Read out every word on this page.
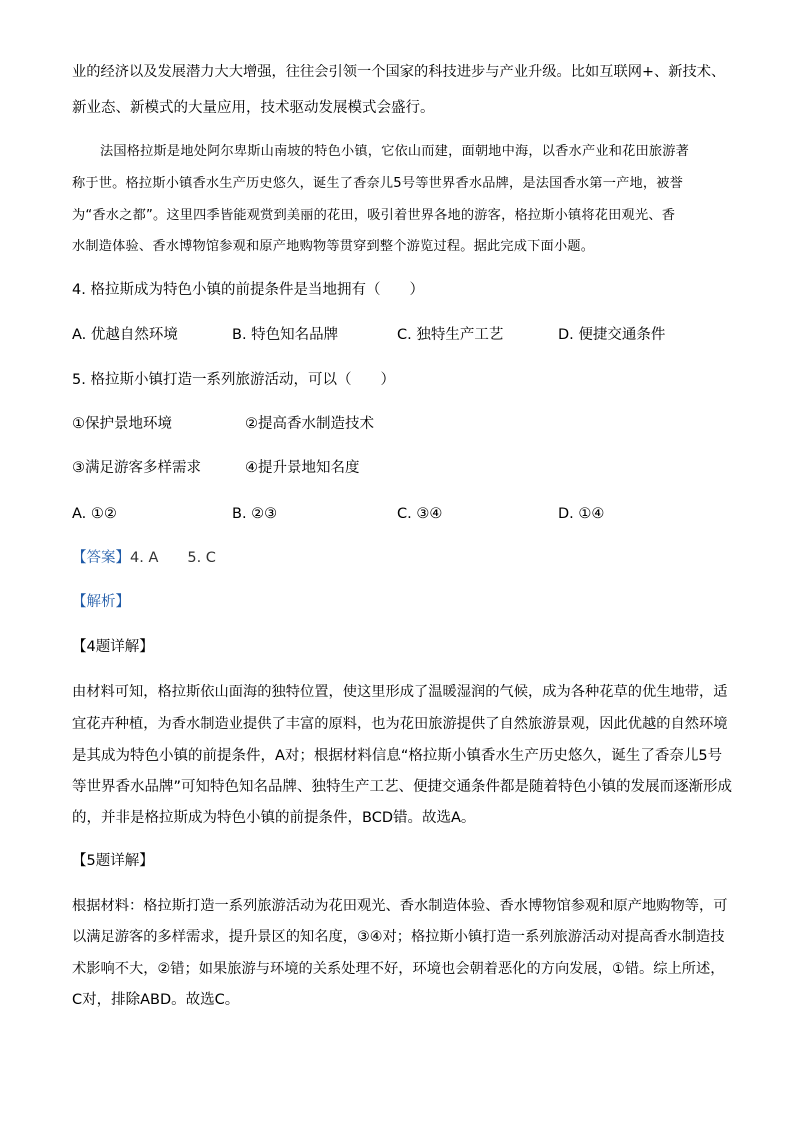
业的经济以及发展潜力大大增强，往往会引领一个国家的科技进步与产业升级。比如互联网+、新技术、
新业态、新模式的大量应用，技术驱动发展模式会盛行。
法国格拉斯是地处阿尔卑斯山南坡的特色小镇，它依山而建，面朝地中海，以香水产业和花田旅游著
称于世。格拉斯小镇香水生产历史悠久，诞生了香奈儿5号等世界香水品牌，是法国香水第一产地，被誉
为“香水之都”。这里四季皆能观赏到美丽的花田，吸引着世界各地的游客，格拉斯小镇将花田观光、香
水制造体验、香水博物馆参观和原产地购物等贯穿到整个游览过程。据此完成下面小题。
4. 格拉斯成为特色小镇的前提条件是当地拥有（　　）
A. 优越自然环境	B. 特色知名品牌	C. 独特生产工艺	D. 便捷交通条件
5. 格拉斯小镇打造一系列旅游活动，可以（　　）
①保护景地环境	②提高香水制造技术
③满足游客多样需求	④提升景地知名度
A. ①②	B. ②③	C. ③④	D. ①④
【答案】4. A　　5. C
【解析】
【4题详解】
由材料可知，格拉斯依山面海的独特位置，使这里形成了温暖湿润的气候，成为各种花草的优生地带，适
宜花卉种植，为香水制造业提供了丰富的原料，也为花田旅游提供了自然旅游景观，因此优越的自然环境
是其成为特色小镇的前提条件，A对；根据材料信息“格拉斯小镇香水生产历史悠久，诞生了香奈儿5号
等世界香水品牌”可知特色知名品牌、独特生产工艺、便捷交通条件都是随着特色小镇的发展而逐渐形成
的，并非是格拉斯成为特色小镇的前提条件，BCD错。故选A。
【5题详解】
根据材料：格拉斯打造一系列旅游活动为花田观光、香水制造体验、香水博物馆参观和原产地购物等，可
以满足游客的多样需求，提升景区的知名度，③④对；格拉斯小镇打造一系列旅游活动对提高香水制造技
术影响不大，②错；如果旅游与环境的关系处理不好，环境也会朝着恶化的方向发展，①错。综上所述，
C对，排除ABD。故选C。
